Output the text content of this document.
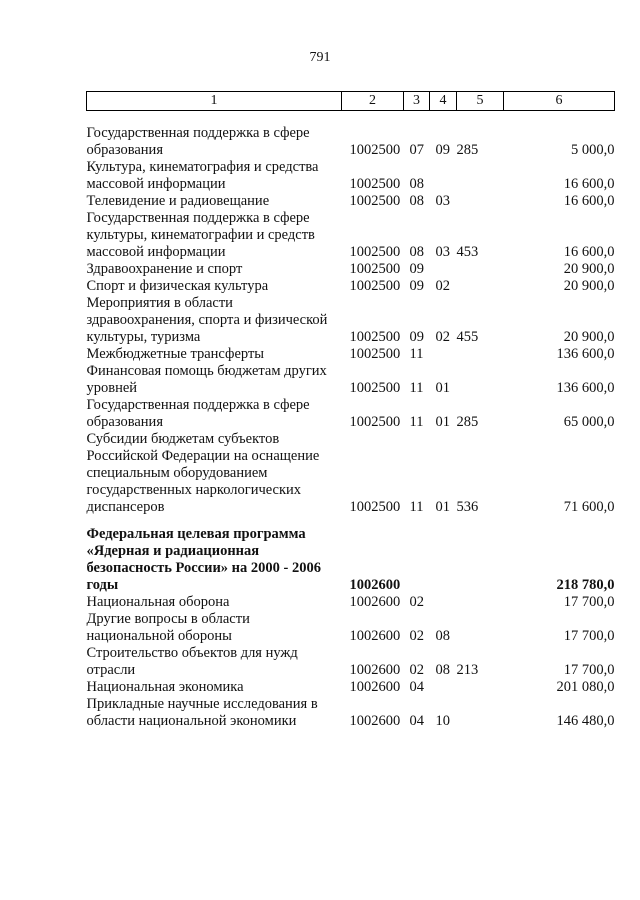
791
1	2	3	4	5	6
Государственная поддержка в сфере образования	1002500	07	09	285	5 000,0
Культура, кинематография и средства массовой информации	1002500	08			16 600,0
Телевидение и радиовещание	1002500	08	03		16 600,0
Государственная поддержка в сфере культуры, кинематографии и средств массовой информации	1002500	08	03	453	16 600,0
Здравоохранение и спорт	1002500	09			20 900,0
Спорт и физическая культура	1002500	09	02		20 900,0
Мероприятия в области здравоохранения, спорта и физической культуры, туризма	1002500	09	02	455	20 900,0
Межбюджетные трансферты	1002500	11			136 600,0
Финансовая помощь бюджетам других уровней	1002500	11	01		136 600,0
Государственная поддержка в сфере образования	1002500	11	01	285	65 000,0
Субсидии бюджетам субъектов Российской Федерации на оснащение специальным оборудованием государственных наркологических диспансеров	1002500	11	01	536	71 600,0
Федеральная целевая программа «Ядерная и радиационная безопасность России» на 2000 - 2006 годы	1002600				218 780,0
Национальная оборона	1002600	02			17 700,0
Другие вопросы в области национальной обороны	1002600	02	08		17 700,0
Строительство объектов для нужд отрасли	1002600	02	08	213	17 700,0
Национальная экономика	1002600	04			201 080,0
Прикладные научные исследования в области национальной экономики	1002600	04	10		146 480,0
